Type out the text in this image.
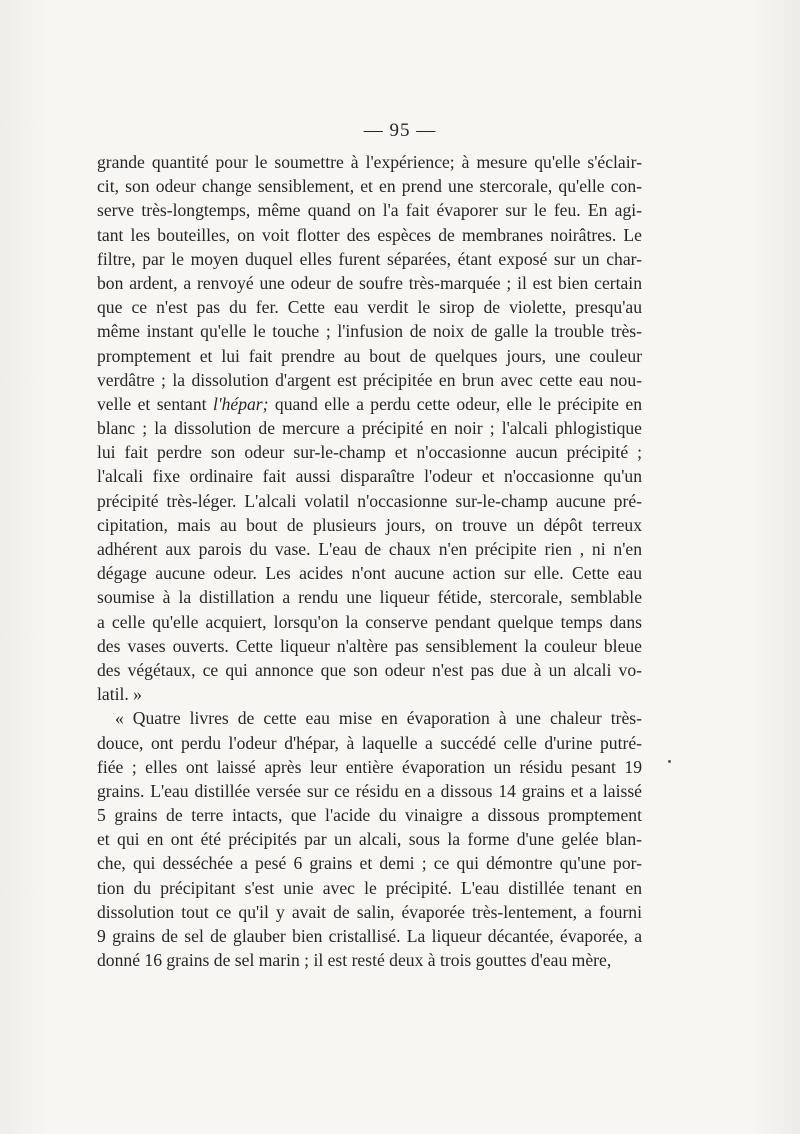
— 95 —
grande quantité pour le soumettre à l'expérience; à mesure qu'elle s'éclair-
cit, son odeur change sensiblement, et en prend une stercorale, qu'elle con-
serve très-longtemps, même quand on l'a fait évaporer sur le feu. En agi-
tant les bouteilles, on voit flotter des espèces de membranes noirâtres. Le
filtre, par le moyen duquel elles furent séparées, étant exposé sur un char-
bon ardent, a renvoyé une odeur de soufre très-marquée ; il est bien certain
que ce n'est pas du fer. Cette eau verdit le sirop de violette, presqu'au
même instant qu'elle le touche ; l'infusion de noix de galle la trouble très-
promptement et lui fait prendre au bout de quelques jours, une couleur
verdâtre ; la dissolution d'argent est précipitée en brun avec cette eau nou-
velle et sentant l'hépar; quand elle a perdu cette odeur, elle le précipite en
blanc ; la dissolution de mercure a précipité en noir ; l'alcali phlogistique
lui fait perdre son odeur sur-le-champ et n'occasionne aucun précipité ;
l'alcali fixe ordinaire fait aussi disparaître l'odeur et n'occasionne qu'un
précipité très-léger. L'alcali volatil n'occasionne sur-le-champ aucune pré-
cipitation, mais au bout de plusieurs jours, on trouve un dépôt terreux
adhérent aux parois du vase. L'eau de chaux n'en précipite rien , ni n'en
dégage aucune odeur. Les acides n'ont aucune action sur elle. Cette eau
soumise à la distillation a rendu une liqueur fétide, stercorale, semblable
a celle qu'elle acquiert, lorsqu'on la conserve pendant quelque temps dans
des vases ouverts. Cette liqueur n'altère pas sensiblement la couleur bleue
des végétaux, ce qui annonce que son odeur n'est pas due à un alcali vo-
latil. »
« Quatre livres de cette eau mise en évaporation à une chaleur très-
douce, ont perdu l'odeur d'hépar, à laquelle a succédé celle d'urine putré-
fiée ; elles ont laissé après leur entière évaporation un résidu pesant 19
grains. L'eau distillée versée sur ce résidu en a dissous 14 grains et a laissé
5 grains de terre intacts, que l'acide du vinaigre a dissous promptement
et qui en ont été précipités par un alcali, sous la forme d'une gelée blan-
che, qui desséchée a pesé 6 grains et demi ; ce qui démontre qu'une por-
tion du précipitant s'est unie avec le précipité. L'eau distillée tenant en
dissolution tout ce qu'il y avait de salin, évaporée très-lentement, a fourni
9 grains de sel de glauber bien cristallisé. La liqueur décantée, évaporée, a
donné 16 grains de sel marin ; il est resté deux à trois gouttes d'eau mère,
